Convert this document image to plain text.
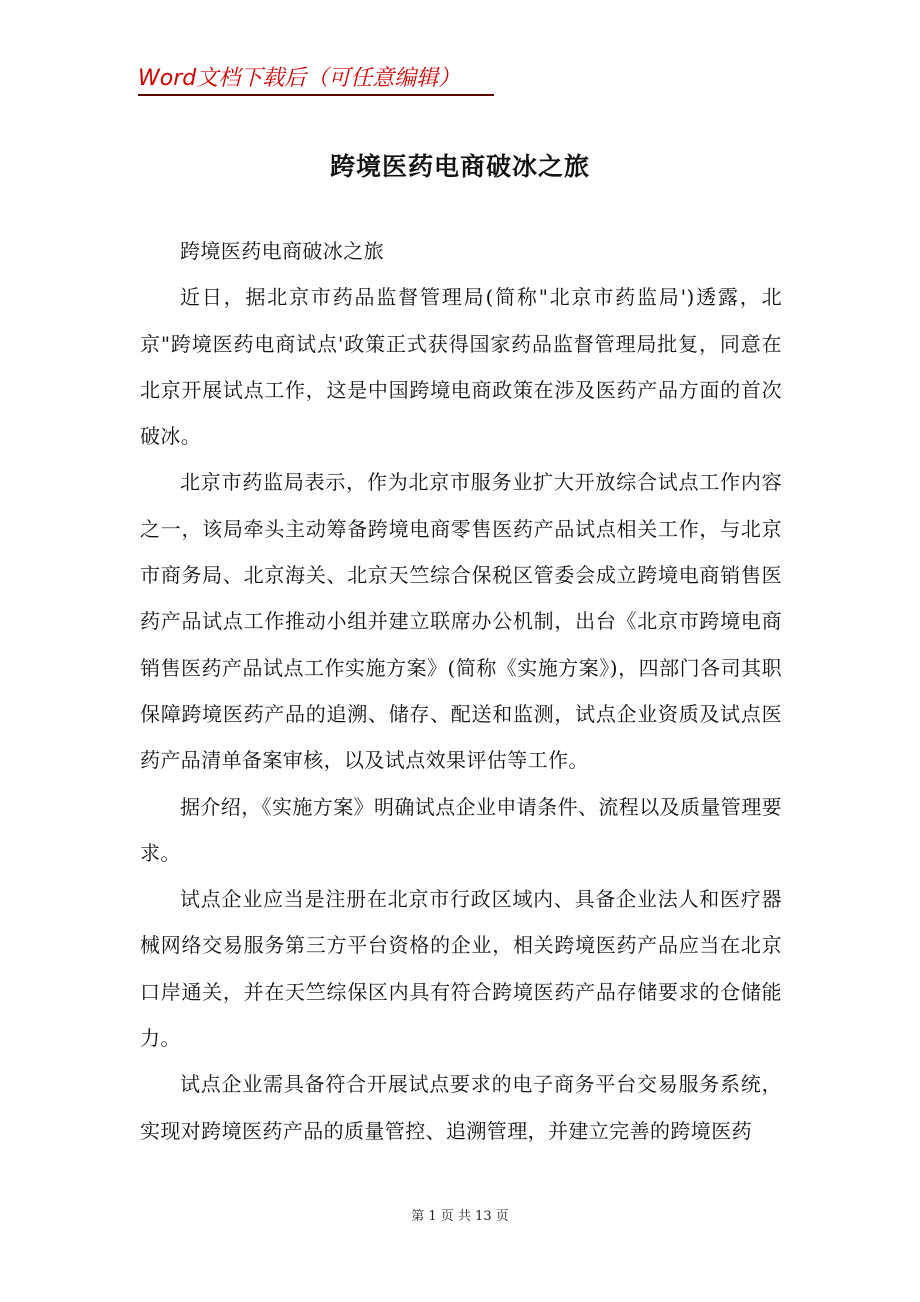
Word文档下载后（可任意编辑）
跨境医药电商破冰之旅

跨境医药电商破冰之旅

近日，据北京市药品监督管理局(简称"北京市药监局')透露，北京"跨境医药电商试点'政策正式获得国家药品监督管理局批复，同意在北京开展试点工作，这是中国跨境电商政策在涉及医药产品方面的首次破冰。

北京市药监局表示，作为北京市服务业扩大开放综合试点工作内容之一，该局牵头主动筹备跨境电商零售医药产品试点相关工作，与北京市商务局、北京海关、北京天竺综合保税区管委会成立跨境电商销售医药产品试点工作推动小组并建立联席办公机制，出台《北京市跨境电商销售医药产品试点工作实施方案》(简称《实施方案》)，四部门各司其职保障跨境医药产品的追溯、储存、配送和监测，试点企业资质及试点医药产品清单备案审核，以及试点效果评估等工作。

据介绍，《实施方案》明确试点企业申请条件、流程以及质量管理要求。

试点企业应当是注册在北京市行政区域内、具备企业法人和医疗器械网络交易服务第三方平台资格的企业，相关跨境医药产品应当在北京口岸通关，并在天竺综保区内具有符合跨境医药产品存储要求的仓储能力。

试点企业需具备符合开展试点要求的电子商务平台交易服务系统，实现对跨境医药产品的质量管控、追溯管理，并建立完善的跨境医药

第 1 页 共 13 页
